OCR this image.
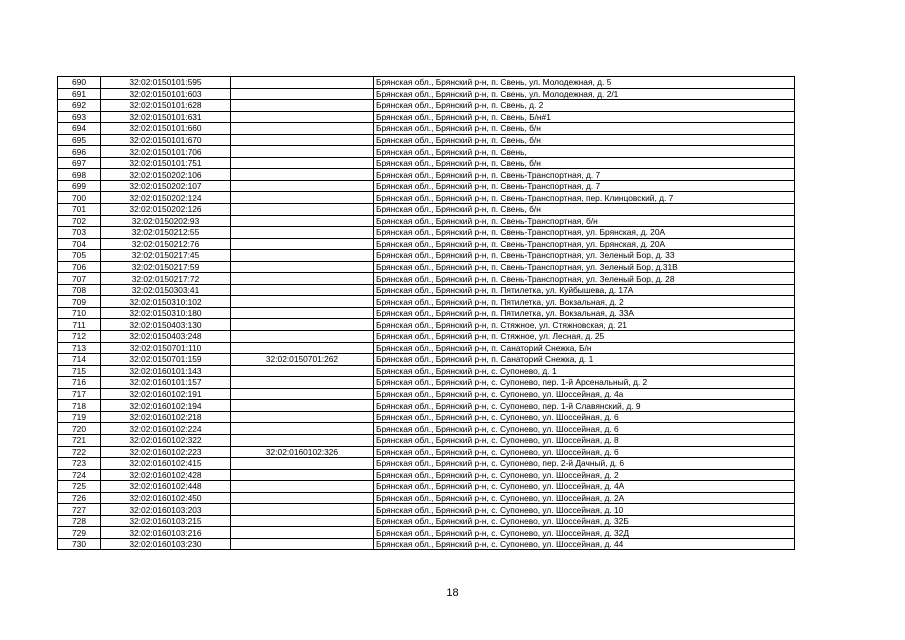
690	32:02:0150101:595		Брянская обл., Брянский р-н, п. Свень, ул. Молодежная, д. 5
691	32:02:0150101:603		Брянская обл., Брянский р-н, п. Свень, ул. Молодежная, д. 2/1
692	32:02:0150101:628		Брянская обл., Брянский р-н, п. Свень, д. 2
693	32:02:0150101:631		Брянская обл., Брянский р-н, п. Свень, Б/н#1
694	32:02:0150101:660		Брянская обл., Брянский р-н, п. Свень, б/н
695	32:02:0150101:670		Брянская обл., Брянский р-н, п. Свень, б/н
696	32:02:0150101:706		Брянская обл., Брянский р-н, п. Свень,
697	32:02:0150101:751		Брянская обл., Брянский р-н, п. Свень, б/н
698	32:02:0150202:106		Брянская обл., Брянский р-н, п. Свень-Транспортная, д. 7
699	32:02:0150202:107		Брянская обл., Брянский р-н, п. Свень-Транспортная, д. 7
700	32:02:0150202:124		Брянская обл., Брянский р-н, п. Свень-Транспортная, пер. Клинцовский, д. 7
701	32:02:0150202:126		Брянская обл., Брянский р-н, п. Свень, б/н
702	32:02:0150202:93		Брянская обл., Брянский р-н, п. Свень-Транспортная, б/н
703	32:02:0150212:55		Брянская обл., Брянский р-н, п. Свень-Транспортная, ул. Брянская, д. 20А
704	32:02:0150212:76		Брянская обл., Брянский р-н, п. Свень-Транспортная, ул. Брянская, д. 20А
705	32:02:0150217:45		Брянская обл., Брянский р-н, п. Свень-Транспортная, ул. Зеленый Бор, д. 33
706	32:02:0150217:59		Брянская обл., Брянский р-н, п. Свень-Транспортная, ул. Зеленый Бор, д.31В
707	32:02:0150217:72		Брянская обл., Брянский р-н, п. Свень-Транспортная, ул. Зеленый Бор, д. 28
708	32:02:0150303:41		Брянская обл., Брянский р-н, п. Пятилетка, ул. Куйбышева, д. 17А
709	32:02:0150310:102		Брянская обл., Брянский р-н, п. Пятилетка, ул. Вокзальная, д. 2
710	32:02:0150310:180		Брянская обл., Брянский р-н, п. Пятилетка, ул. Вокзальная, д. 33А
711	32:02:0150403:130		Брянская обл., Брянский р-н, п. Стяжное, ул. Стяжновская, д. 21
712	32:02:0150403:248		Брянская обл., Брянский р-н, п. Стяжное, ул. Лесная, д. 25
713	32:02:0150701:110		Брянская обл., Брянский р-н, п. Санаторий Снежка, Б/н
714	32:02:0150701:159	32:02:0150701:262	Брянская обл., Брянский р-н, п. Санаторий Снежка, д. 1
715	32:02:0160101:143		Брянская обл., Брянский р-н, с. Супонево, д. 1
716	32:02:0160101:157		Брянская обл., Брянский р-н, с. Супонево, пер. 1-й Арсенальный, д. 2
717	32:02:0160102:191		Брянская обл., Брянский р-н, с. Супонево, ул. Шоссейная, д. 4а
718	32:02:0160102:194		Брянская обл., Брянский р-н, с. Супонево, пер. 1-й Славянский, д. 9
719	32:02:0160102:218		Брянская обл., Брянский р-н, с. Супонево, ул. Шоссейная, д. 6
720	32:02:0160102:224		Брянская обл., Брянский р-н, с. Супонево, ул. Шоссейная, д. 6
721	32:02:0160102:322		Брянская обл., Брянский р-н, с. Супонево, ул. Шоссейная, д. 8
722	32:02:0160102:223	32:02:0160102:326	Брянская обл., Брянский р-н, с. Супонево, ул. Шоссейная, д. 6
723	32:02:0160102:415		Брянская обл., Брянский р-н, с. Супонево, пер. 2-й Дачный, д. 6
724	32:02:0160102:428		Брянская обл., Брянский р-н, с. Супонево, ул. Шоссейная, д. 2
725	32:02:0160102:448		Брянская обл., Брянский р-н, с. Супонево, ул. Шоссейная, д. 4А
726	32:02:0160102:450		Брянская обл., Брянский р-н, с. Супонево, ул. Шоссейная, д. 2А
727	32:02:0160103:203		Брянская обл., Брянский р-н, с. Супонево, ул. Шоссейная, д. 10
728	32:02:0160103:215		Брянская обл., Брянский р-н, с. Супонево, ул. Шоссейная, д. 32Б
729	32:02:0160103:216		Брянская обл., Брянский р-н, с. Супонево, ул. Шоссейная, д. 32Д
730	32:02:0160103:230		Брянская обл., Брянский р-н, с. Супонево, ул. Шоссейная, д. 44
18
